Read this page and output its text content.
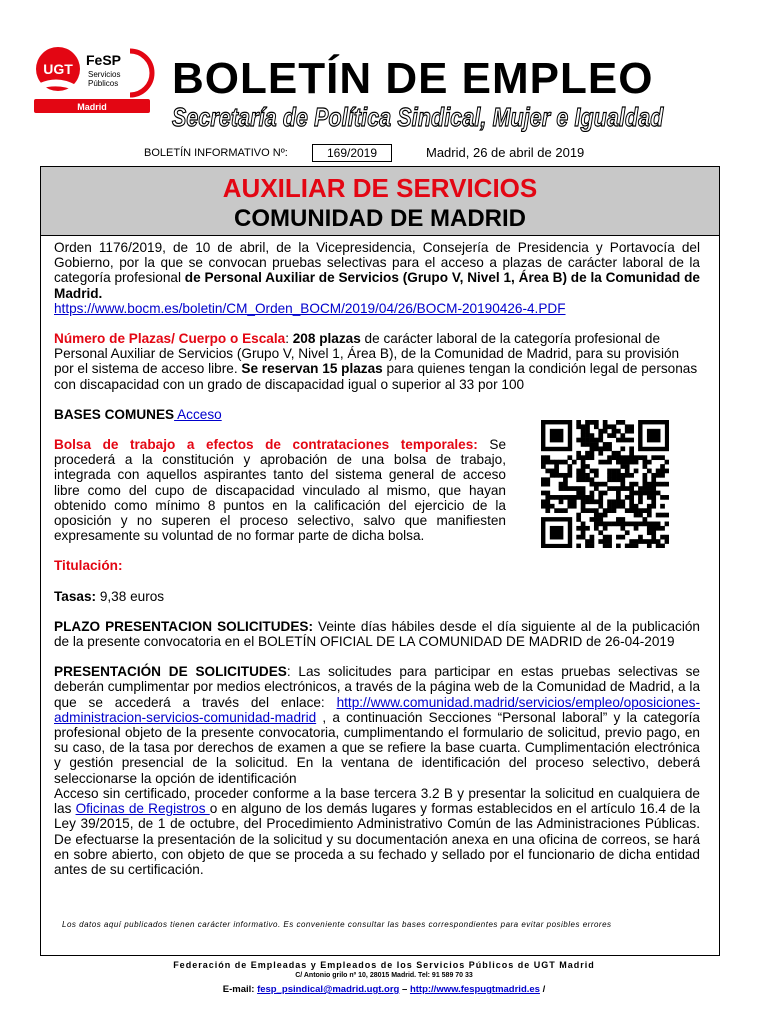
UGT
FeSP
Servicios
Públicos
Madrid
BOLETÍN DE EMPLEO
Secretaría de Política Sindical, Mujer e Igualdad
BOLETÍN INFORMATIVO Nº:	169/2019	Madrid, 26 de abril de 2019
AUXILIAR DE SERVICIOS
COMUNIDAD DE MADRID

Orden 1176/2019, de 10 de abril, de la Vicepresidencia, Consejería de Presidencia y Portavocía del Gobierno, por la que se convocan pruebas selectivas para el acceso a plazas de carácter laboral de la categoría profesional de Personal Auxiliar de Servicios (Grupo V, Nivel 1, Área B) de la Comunidad de Madrid.
https://www.bocm.es/boletin/CM_Orden_BOCM/2019/04/26/BOCM-20190426-4.PDF

Número de Plazas/ Cuerpo o Escala: 208 plazas de carácter laboral de la categoría profesional de Personal Auxiliar de Servicios (Grupo V, Nivel 1, Área B), de la Comunidad de Madrid, para su provisión por el sistema de acceso libre. Se reservan 15 plazas para quienes tengan la condición legal de personas con discapacidad con un grado de discapacidad igual o superior al 33 por 100

BASES COMUNES Acceso

Bolsa de trabajo a efectos de contrataciones temporales: Se procederá a la constitución y aprobación de una bolsa de trabajo, integrada con aquellos aspirantes tanto del sistema general de acceso libre como del cupo de discapacidad vinculado al mismo, que hayan obtenido como mínimo 8 puntos en la calificación del ejercicio de la oposición y no superen el proceso selectivo, salvo que manifiesten expresamente su voluntad de no formar parte de dicha bolsa.

Titulación:

Tasas: 9,38 euros

PLAZO PRESENTACION SOLICITUDES: Veinte días hábiles desde el día siguiente al de la publicación de la presente convocatoria en el BOLETÍN OFICIAL DE LA COMUNIDAD DE MADRID de 26-04-2019

PRESENTACIÓN DE SOLICITUDES: Las solicitudes para participar en estas pruebas selectivas se deberán cumplimentar por medios electrónicos, a través de la página web de la Comunidad de Madrid, a la que se accederá a través del enlace: http://www.comunidad.madrid/servicios/empleo/oposiciones-administracion-servicios-comunidad-madrid , a continuación Secciones “Personal laboral” y la categoría profesional objeto de la presente convocatoria, cumplimentando el formulario de solicitud, previo pago, en su caso, de la tasa por derechos de examen a que se refiere la base cuarta. Cumplimentación electrónica y gestión presencial de la solicitud. En la ventana de identificación del proceso selectivo, deberá seleccionarse la opción de identificación

Acceso sin certificado, proceder conforme a la base tercera 3.2 B y presentar la solicitud en cualquiera de las Oficinas de Registros o en alguno de los demás lugares y formas establecidos en el artículo 16.4 de la Ley 39/2015, de 1 de octubre, del Procedimiento Administrativo Común de las Administraciones Públicas. De efectuarse la presentación de la solicitud y su documentación anexa en una oficina de correos, se hará en sobre abierto, con objeto de que se proceda a su fechado y sellado por el funcionario de dicha entidad antes de su certificación.

Los datos aquí publicados tienen carácter informativo. Es conveniente consultar las bases correspondientes para evitar posibles errores
Federación de Empleadas y Empleados de los Servicios Públicos de UGT Madrid
C/ Antonio grilo nº 10, 28015 Madrid. Tel: 91 589 70 33
E-mail: fesp_psindical@madrid.ugt.org – http://www.fespugtmadrid.es /
